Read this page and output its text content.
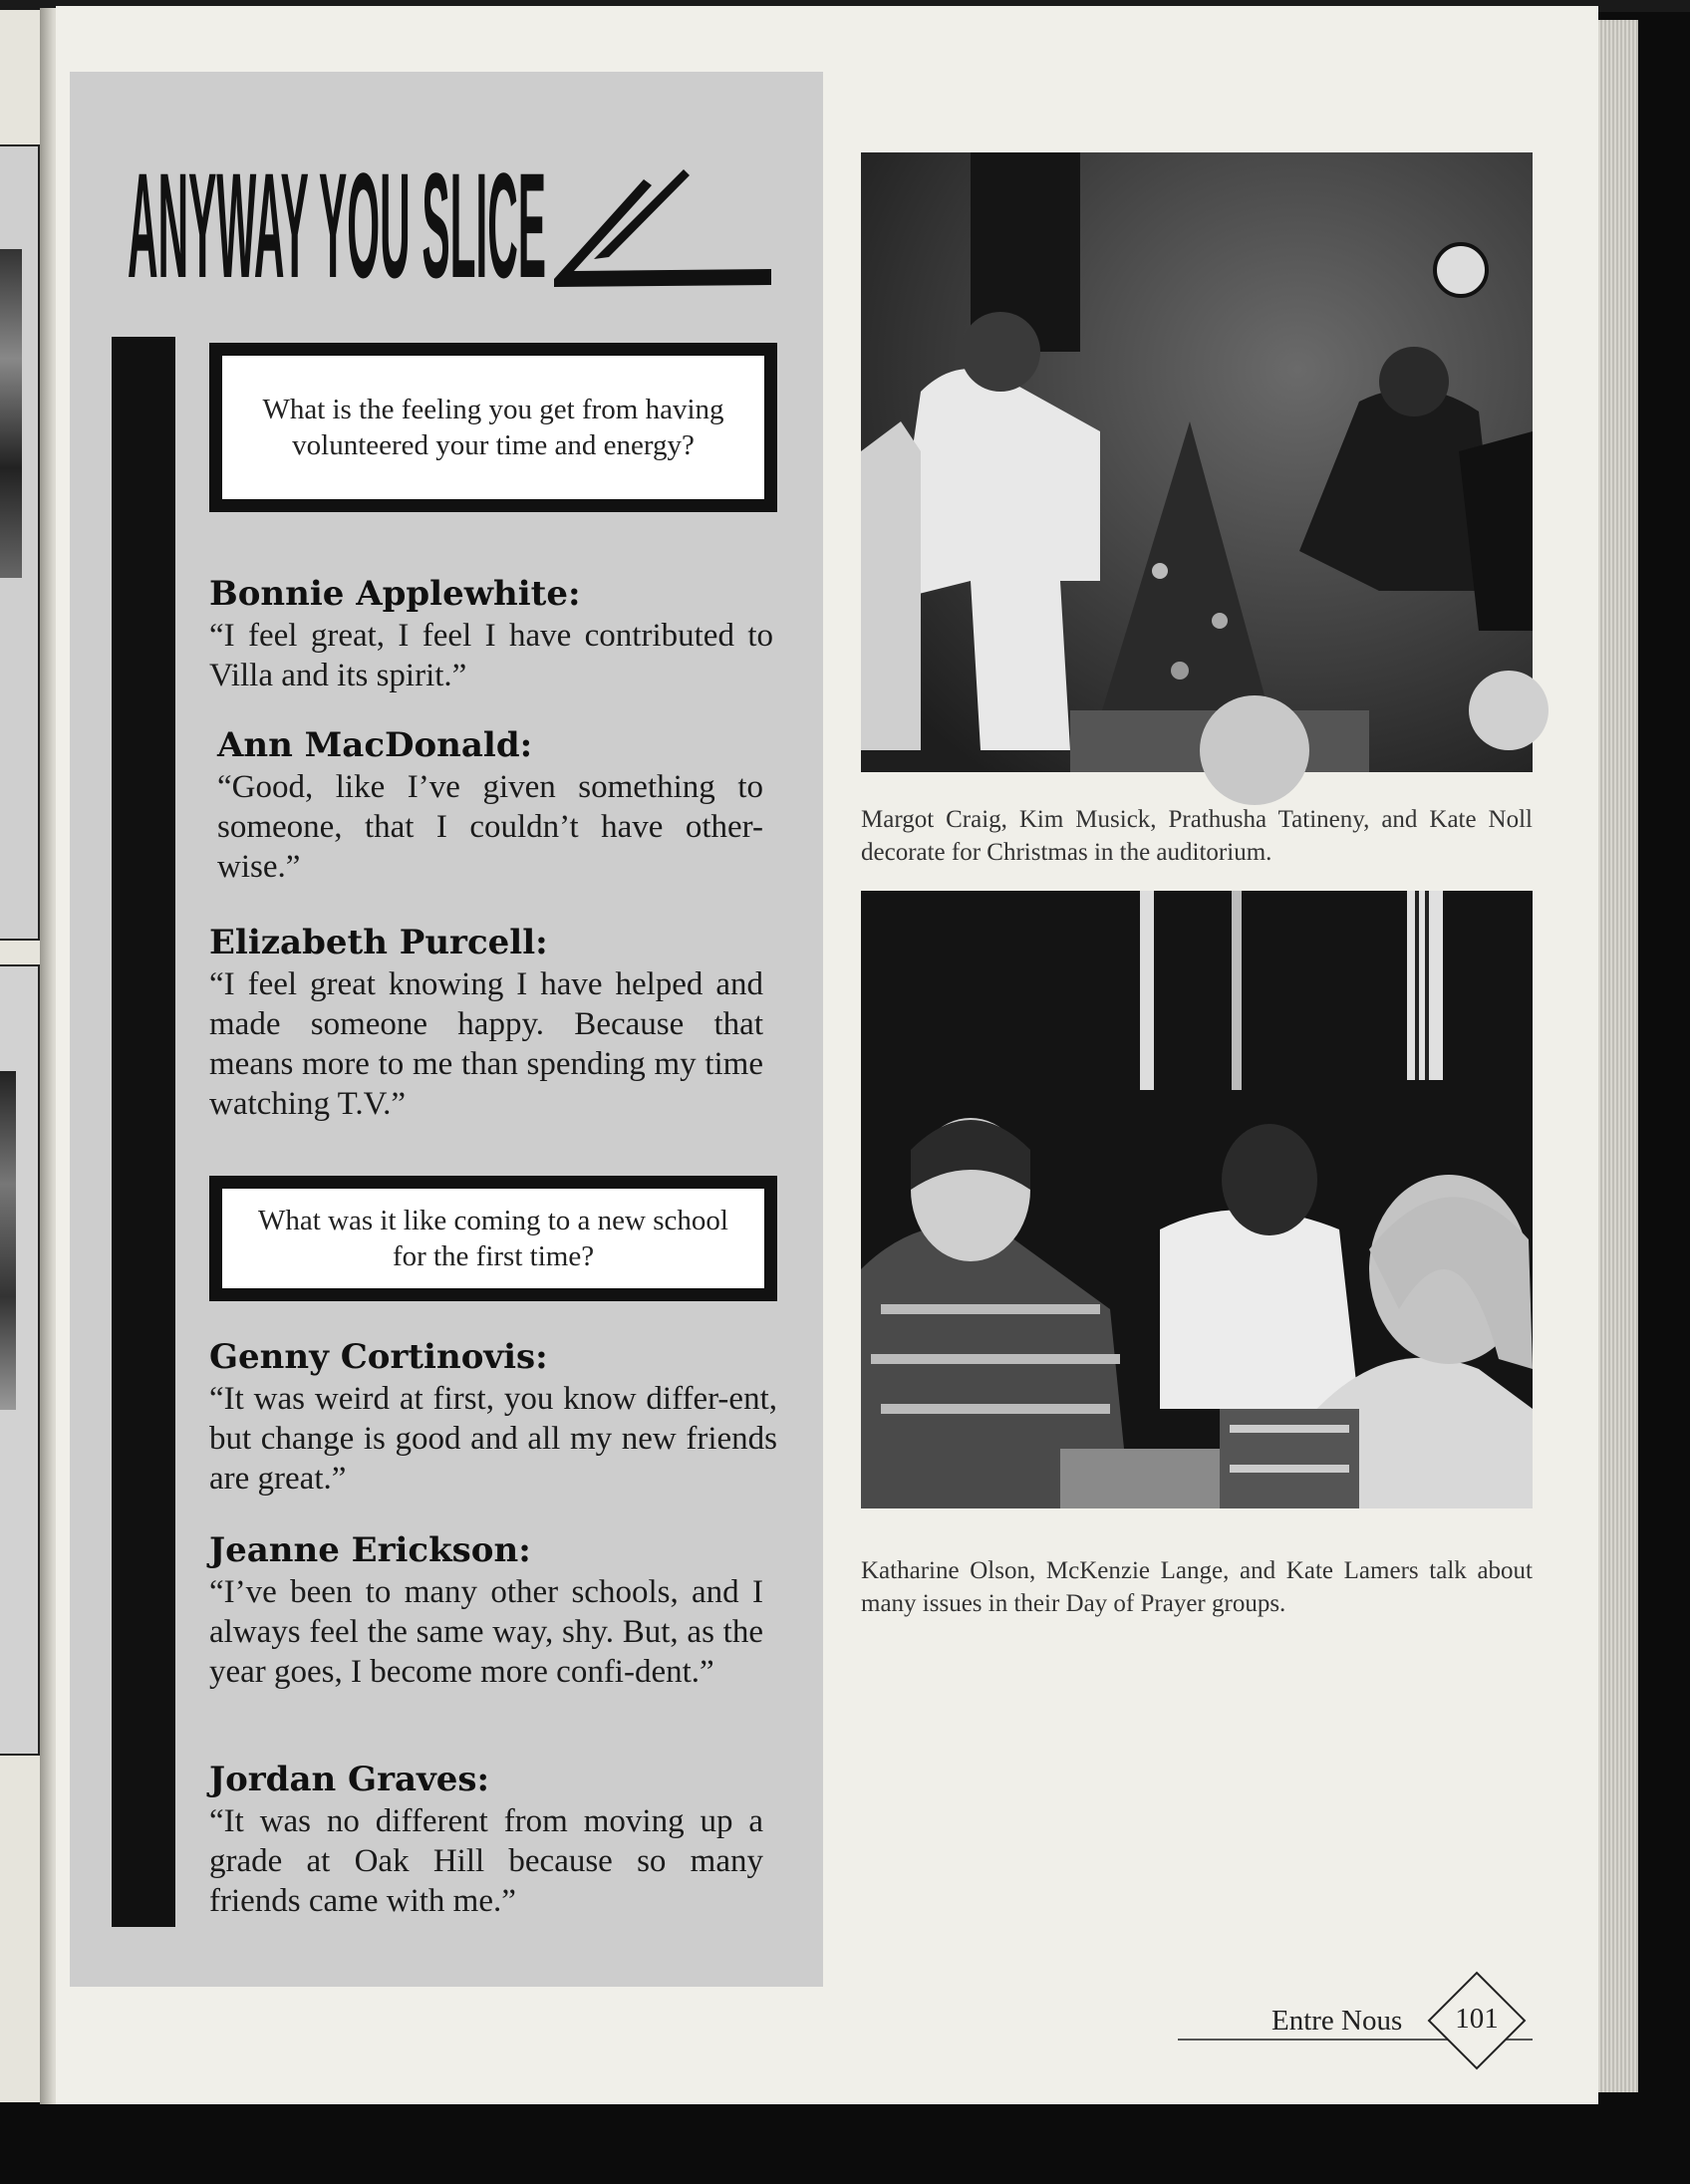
ANYWAY YOU SLICE
What is the feeling you get from having volunteered your time and energy?
Bonnie Applewhite:
“I feel great, I feel I have contributed to Villa and its spirit.”
Ann MacDonald:
“Good, like I’ve given something to someone, that I couldn’t have other-wise.”
Elizabeth Purcell:
“I feel great knowing I have helped and made someone happy. Because that means more to me than spending my time watching T.V.”
What was it like coming to a new school for the first time?
Genny Cortinovis:
“It was weird at first, you know differ-ent, but change is good and all my new friends are great.”
Jeanne Erickson:
“I’ve been to many other schools, and I always feel the same way, shy. But, as the year goes, I become more confi-dent.”
Jordan Graves:
“It was no different from moving up a grade at Oak Hill because so many friends came with me.”
Margot Craig, Kim Musick, Prathusha Tatineny, and Kate Noll decorate for Christmas in the auditorium.
Katharine Olson, McKenzie Lange, and Kate Lamers talk about many issues in their Day of Prayer groups.
Entre Nous	101
